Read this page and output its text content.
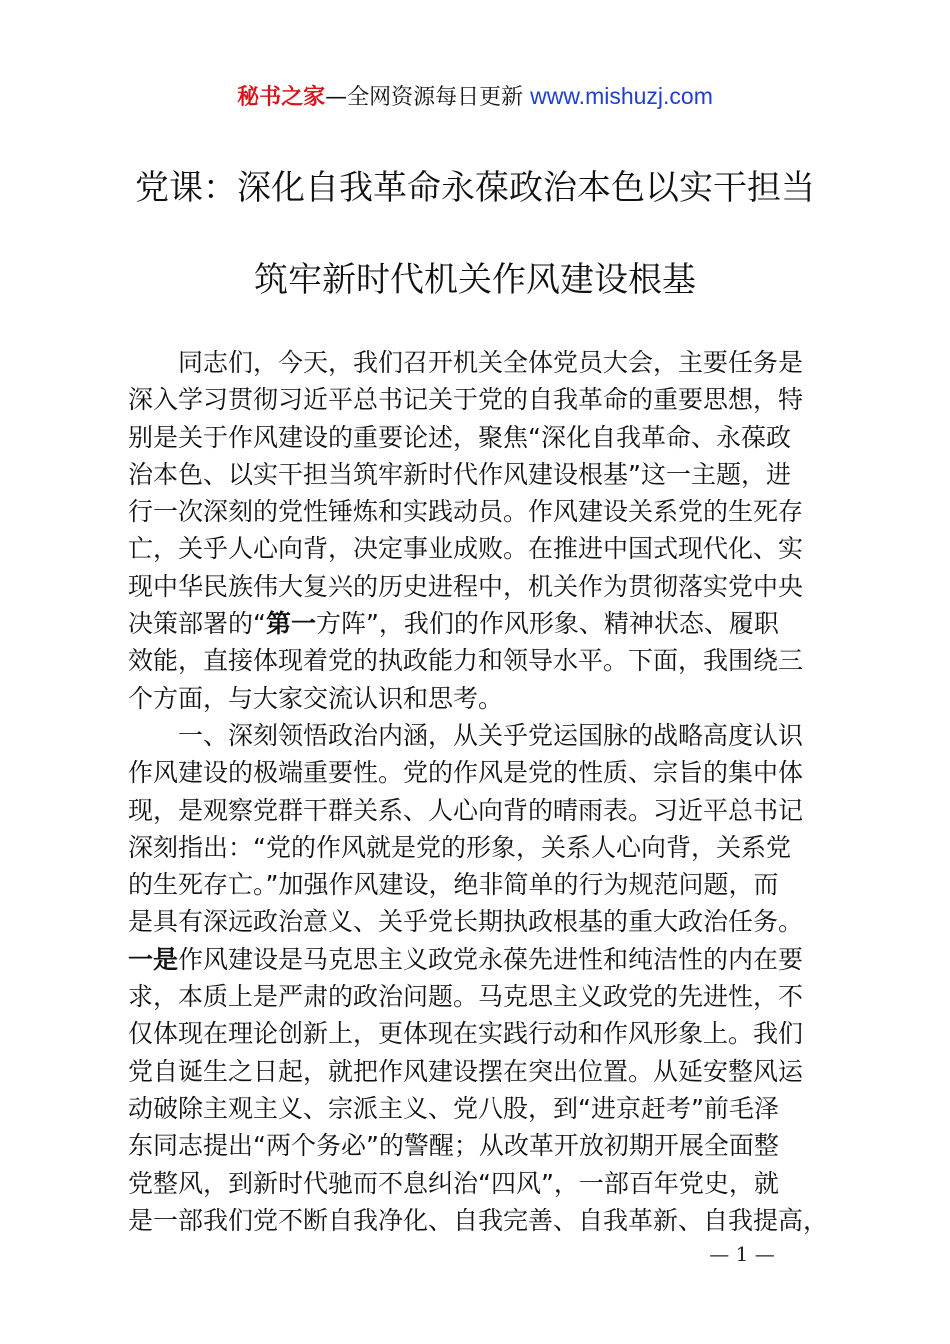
秘书之家—全网资源每日更新 www.mishuzj.com
党课：深化自我革命永葆政治本色以实干担当
筑牢新时代机关作风建设根基
同志们，今天，我们召开机关全体党员大会，主要任务是
深入学习贯彻习近平总书记关于党的自我革命的重要思想，特
别是关于作风建设的重要论述，聚焦“深化自我革命、永葆政
治本色、以实干担当筑牢新时代作风建设根基”这一主题，进
行一次深刻的党性锤炼和实践动员。作风建设关系党的生死存
亡，关乎人心向背，决定事业成败。在推进中国式现代化、实
现中华民族伟大复兴的历史进程中，机关作为贯彻落实党中央
决策部署的“第一方阵”，我们的作风形象、精神状态、履职
效能，直接体现着党的执政能力和领导水平。下面，我围绕三
个方面，与大家交流认识和思考。
一、深刻领悟政治内涵，从关乎党运国脉的战略高度认识
作风建设的极端重要性。党的作风是党的性质、宗旨的集中体
现，是观察党群干群关系、人心向背的晴雨表。习近平总书记
深刻指出：“党的作风就是党的形象，关系人心向背，关系党
的生死存亡。”加强作风建设，绝非简单的行为规范问题，而
是具有深远政治意义、关乎党长期执政根基的重大政治任务。
一是作风建设是马克思主义政党永葆先进性和纯洁性的内在要
求，本质上是严肃的政治问题。马克思主义政党的先进性，不
仅体现在理论创新上，更体现在实践行动和作风形象上。我们
党自诞生之日起，就把作风建设摆在突出位置。从延安整风运
动破除主观主义、宗派主义、党八股，到“进京赶考”前毛泽
东同志提出“两个务必”的警醒；从改革开放初期开展全面整
党整风，到新时代驰而不息纠治“四风”，一部百年党史，就
是一部我们党不断自我净化、自我完善、自我革新、自我提高，
— 1 —
